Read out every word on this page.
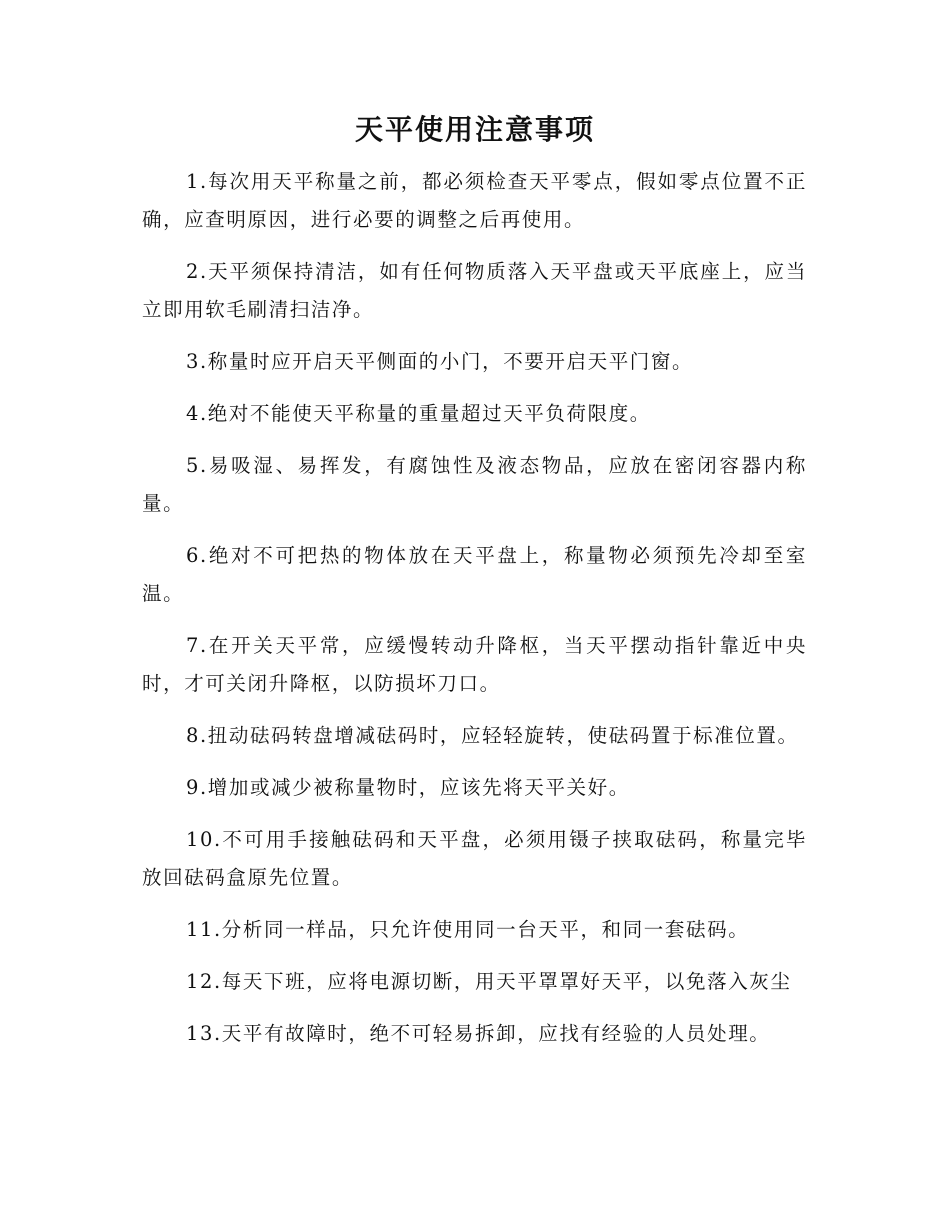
天平使用注意事项

1.每次用天平称量之前，都必须检查天平零点，假如零点位置不正确，应查明原因，进行必要的调整之后再使用。

2.天平须保持清洁，如有任何物质落入天平盘或天平底座上，应当立即用软毛刷清扫洁净。

3.称量时应开启天平侧面的小门，不要开启天平门窗。

4.绝对不能使天平称量的重量超过天平负荷限度。

5.易吸湿、易挥发，有腐蚀性及液态物品，应放在密闭容器内称量。

6.绝对不可把热的物体放在天平盘上，称量物必须预先冷却至室温。

7.在开关天平常，应缓慢转动升降枢，当天平摆动指针靠近中央时，才可关闭升降枢，以防损坏刀口。

8.扭动砝码转盘增减砝码时，应轻轻旋转，使砝码置于标准位置。

9.增加或减少被称量物时，应该先将天平关好。

10.不可用手接触砝码和天平盘，必须用镊子挟取砝码，称量完毕放回砝码盒原先位置。

11.分析同一样品，只允许使用同一台天平，和同一套砝码。

12.每天下班，应将电源切断，用天平罩罩好天平，以免落入灰尘

13.天平有故障时，绝不可轻易拆卸，应找有经验的人员处理。
